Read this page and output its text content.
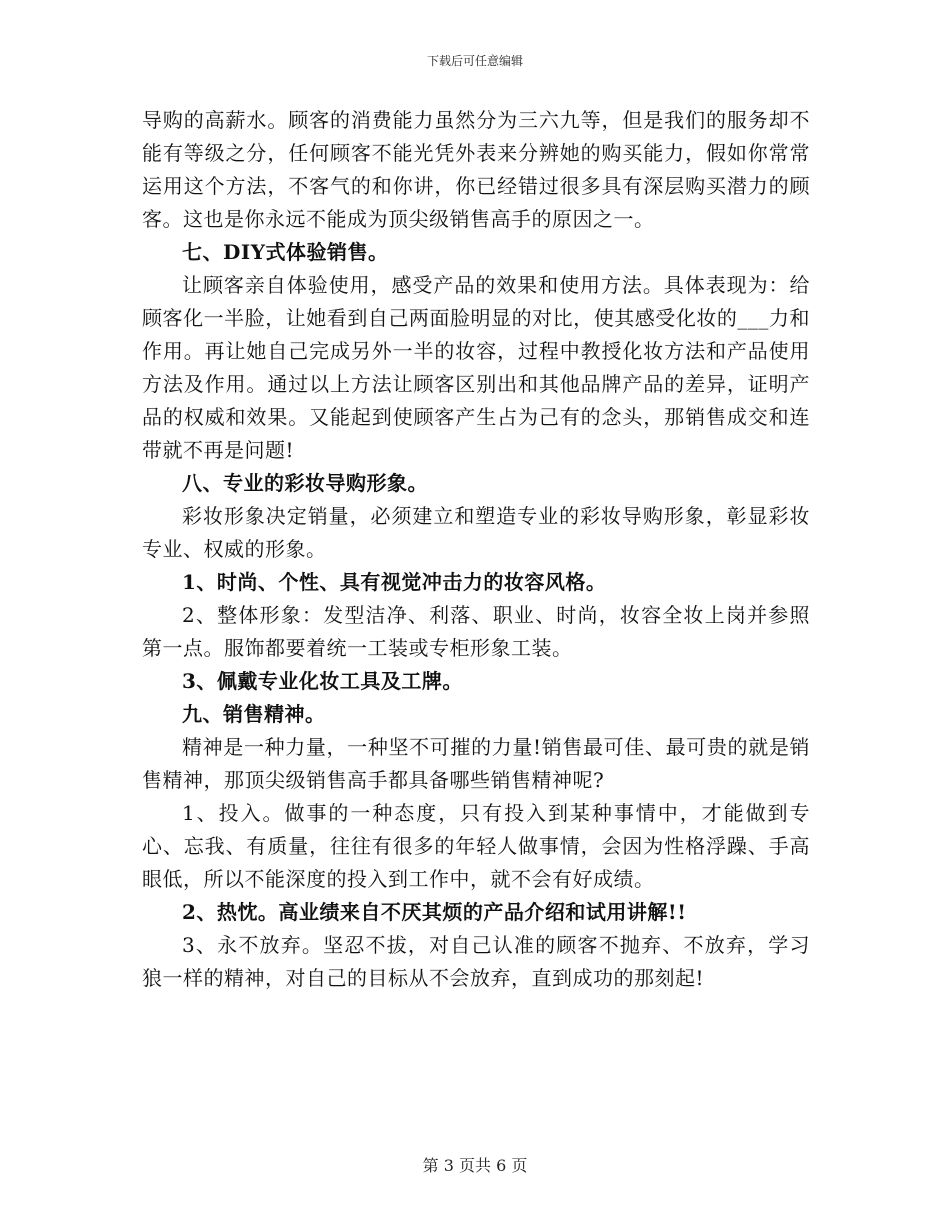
下载后可任意编辑

导购的高薪水。顾客的消费能力虽然分为三六九等，但是我们的服务却不能有等级之分，任何顾客不能光凭外表来分辨她的购买能力，假如你常常运用这个方法，不客气的和你讲，你已经错过很多具有深层购买潜力的顾客。这也是你永远不能成为顶尖级销售高手的原因之一。

七、DIY式体验销售。

让顾客亲自体验使用，感受产品的效果和使用方法。具体表现为：给顾客化一半脸，让她看到自己两面脸明显的对比，使其感受化妆的___力和作用。再让她自己完成另外一半的妆容，过程中教授化妆方法和产品使用方法及作用。通过以上方法让顾客区别出和其他品牌产品的差异，证明产品的权威和效果。又能起到使顾客产生占为己有的念头，那销售成交和连带就不再是问题!

八、专业的彩妆导购形象。

彩妆形象决定销量，必须建立和塑造专业的彩妆导购形象，彰显彩妆专业、权威的形象。

1、时尚、个性、具有视觉冲击力的妆容风格。

2、整体形象：发型洁净、利落、职业、时尚，妆容全妆上岗并参照第一点。服饰都要着统一工装或专柜形象工装。

3、佩戴专业化妆工具及工牌。

九、销售精神。

精神是一种力量，一种坚不可摧的力量!销售最可佳、最可贵的就是销售精神，那顶尖级销售高手都具备哪些销售精神呢?

1、投入。做事的一种态度，只有投入到某种事情中，才能做到专心、忘我、有质量，往往有很多的年轻人做事情，会因为性格浮躁、手高眼低，所以不能深度的投入到工作中，就不会有好成绩。

2、热忱。高业绩来自不厌其烦的产品介绍和试用讲解!!

3、永不放弃。坚忍不拔，对自己认准的顾客不抛弃、不放弃，学习狼一样的精神，对自己的目标从不会放弃，直到成功的那刻起!

第 3 页共 6 页
